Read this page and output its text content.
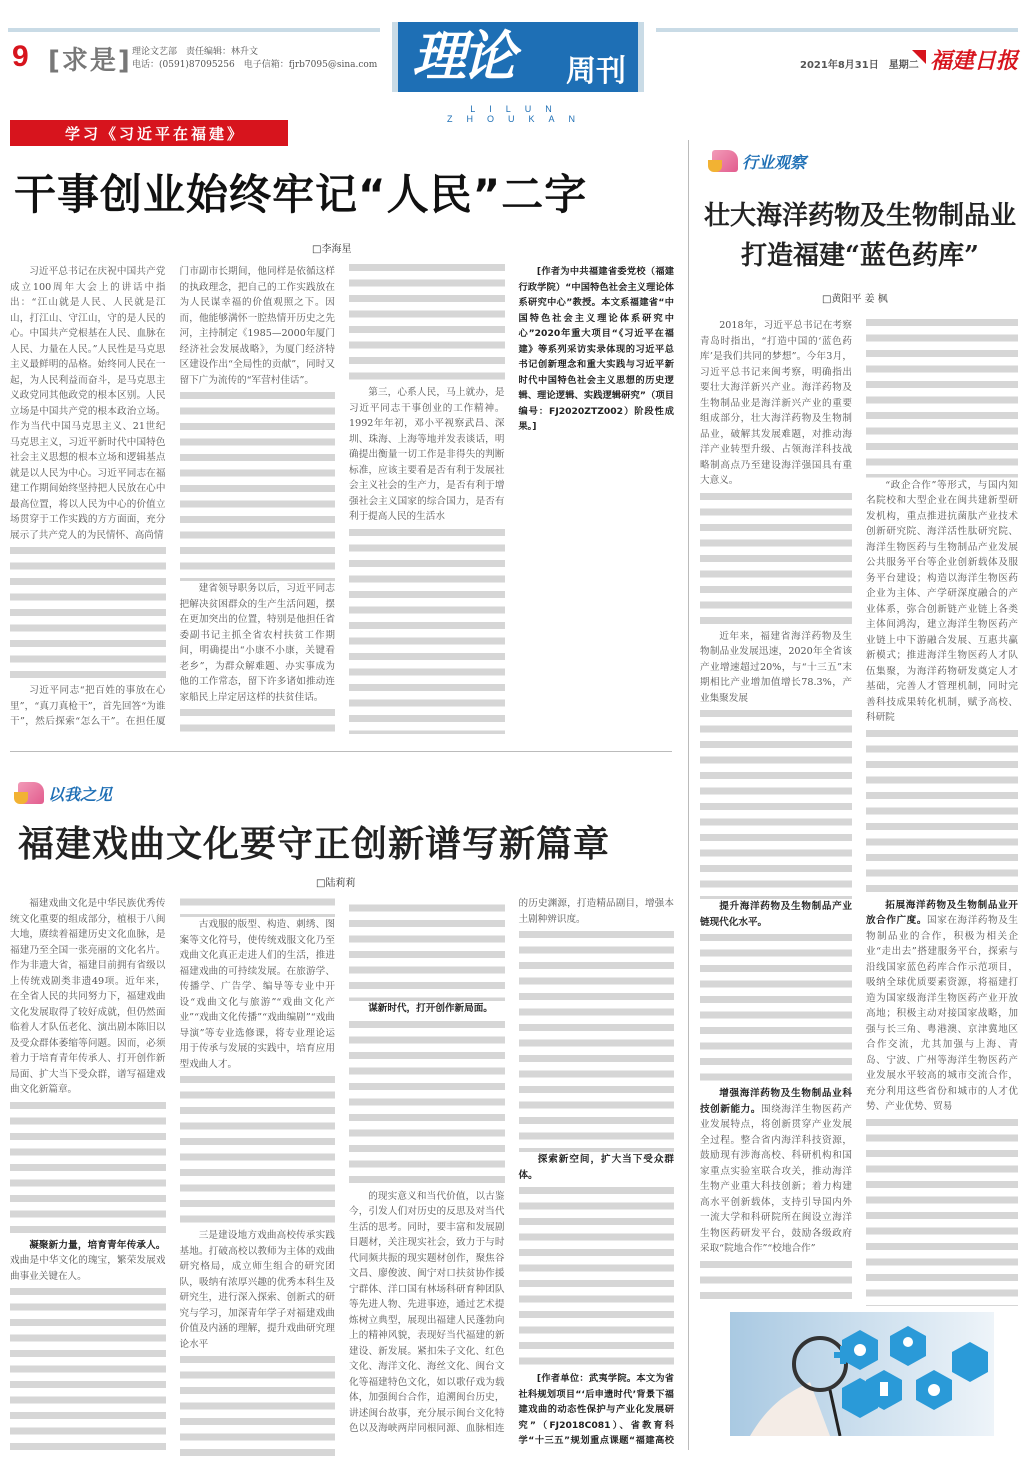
9 [求是] 理论文艺部　责任编辑：林升文
电话：(0591)87095256　电子信箱：fjrb7095@sina.com 理论 周刊
LILUN ZHOUKAN
2021年8月31日　星期二 福建日报
学习《习近平在福建》
干事创业始终牢记“人民”二字
□李海星

习近平总书记在庆祝中国共产党成立100周年大会上的讲话中指出：“江山就是人民、人民就是江山，打江山、守江山，守的是人民的心。中国共产党根基在人民、血脉在人民、力量在人民。”人民性是马克思主义最鲜明的品格。始终同人民在一起，为人民利益而奋斗，是马克思主义政党同其他政党的根本区别。人民立场是中国共产党的根本政治立场。作为当代中国马克思主义、21世纪马克思主义，习近平新时代中国特色社会主义思想的根本立场和逻辑基点就是以人民为中心。习近平同志在福建工作期间始终坚持把人民放在心中最高位置，将以人民为中心的价值立场贯穿于工作实践的方方面面，充分展示了共产党人的为民情怀、高尚情

习近平同志“把百姓的事放在心里”，“真刀真枪干”，首先回答“为谁干”，然后探索“怎么干”。在担任厦门市副市长期间，他同样是依循这样的执政理念，把自己的工作实践放在为人民谋幸福的价值观照之下。因而，他能够满怀一腔热情开历史之先河，主持制定《1985—2000年厦门经济社会发展战略》，为厦门经济特区建设作出“全局性的贡献”，同时又留下广为流传的“军营村佳话”。

建省领导职务以后，习近平同志把解决贫困群众的生产生活问题，摆在更加突出的位置，特别是他担任省委副书记主抓全省农村扶贫工作期间，明确提出“小康不小康，关键看老乡”，为群众解难题、办实事成为他的工作常态，留下许多诸如推动连家船民上岸定居这样的扶贫佳话。

第三，心系人民，马上就办，是习近平同志干事创业的工作精神。1992年年初，邓小平视察武昌、深圳、珠海、上海等地并发表谈话，明确提出衡量一切工作是非得失的判断标准，应该主要看是否有利于发展社会主义社会的生产力，是否有利于增强社会主义国家的综合国力，是否有利于提高人民的生活水

[作者为中共福建省委党校（福建行政学院）“中国特色社会主义理论体系研究中心”教授。本文系福建省“中国特色社会主义理论体系研究中心”2020年重大项目“《习近平在福建》等系列采访实录体现的习近平总书记创新理念和重大实践与习近平新时代中国特色社会主义思想的历史逻辑、理论逻辑、实践逻辑研究”（项目编号：FJ2020ZTZ002）阶段性成果。]

行业观察
壮大海洋药物及生物制品业
打造福建“蓝色药库”
□黄阳平 姜 枫

2018年，习近平总书记在考察青岛时指出，“打造中国的‘蓝色药库’是我们共同的梦想”。今年3月，习近平总书记来闽考察，明确指出要壮大海洋新兴产业。海洋药物及生物制品业是海洋新兴产业的重要组成部分，壮大海洋药物及生物制品业，破解其发展难题，对推动海洋产业转型升级、占领海洋科技战略制高点乃至建设海洋强国具有重大意义。

近年来，福建省海洋药物及生物制品业发展迅速，2020年全省该产业增速超过20%，与“十三五”末期相比产业增加值增长78.3%，产业集聚发展

提升海洋药物及生物制品产业链现代化水平。

增强海洋药物及生物制品业科技创新能力。围绕海洋生物医药产业发展特点，将创新贯穿产业发展全过程。整合省内海洋科技资源，鼓励现有涉海高校、科研机构和国家重点实验室联合攻关，推动海洋生物产业重大科技创新；着力构建高水平创新载体，支持引导国内外一流大学和科研院所在闽设立海洋生物医药研发平台，鼓励各级政府采取“院地合作”“校地合作”

“政企合作”等形式，与国内知名院校和大型企业在闽共建新型研发机构，重点推进抗菌肽产业技术创新研究院、海洋活性肽研究院、海洋生物医药与生物制品产业发展公共服务平台等企业创新载体及服务平台建设；构造以海洋生物医药企业为主体、产学研深度融合的产业体系，弥合创新链产业链上各类主体间鸿沟，建立海洋生物医药产业链上中下游融合发展、互惠共赢新模式；推进海洋生物医药人才队伍集聚，为海洋药物研发奠定人才基础，完善人才管理机制，同时完善科技成果转化机制，赋予高校、科研院

拓展海洋药物及生物制品业开放合作广度。国家在海洋药物及生物制品业的合作，积极为相关企业“走出去”搭建服务平台，探索与沿线国家蓝色药库合作示范项目，吸纳全球优质要素资源，将福建打造为国家级海洋生物医药产业开放高地；积极主动对接国家战略，加强与长三角、粤港澳、京津冀地区合作交流，尤其加强与上海、青岛、宁波、广州等海洋生物医药产业发展水平较高的城市交流合作，充分利用这些省份和城市的人才优势、产业优势、贸易

以我之见
福建戏曲文化要守正创新谱写新篇章
□陆莉莉

福建戏曲文化是中华民族优秀传统文化重要的组成部分，植根于八闽大地，赓续着福建历史文化血脉，是福建乃至全国一张亮丽的文化名片。作为非遗大省，福建目前拥有省级以上传统戏剧类非遗49项。近年来，在全省人民的共同努力下，福建戏曲文化发展取得了较好成就，但仍然面临着人才队伍老化、演出剧本陈旧以及受众群体萎缩等问题。因而，必须着力于培育青年传承人、打开创作新局面、扩大当下受众群，谱写福建戏曲文化新篇章。

凝聚新力量，培育青年传承人。戏曲是中华文化的瑰宝，繁荣发展戏曲事业关键在人。

古戏服的版型、构造、刺绣、图案等文化符号，使传统戏服文化乃至戏曲文化真正走进人们的生活，推进福建戏曲的可持续发展。在旅游学、传播学、广告学、编导等专业中开设“戏曲文化与旅游”“戏曲文化产业”“戏曲文化传播”“戏曲编剧”“戏曲导演”等专业选修课，将专业理论运用于传承与发展的实践中，培育应用型戏曲人才。

三是建设地方戏曲高校传承实践基地。打破高校以教师为主体的戏曲研究格局，成立师生组合的研究团队，吸纳有浓厚兴趣的优秀本科生及研究生，进行深入探索、创新式的研究与学习，加深青年学子对福建戏曲价值及内涵的理解，提升戏曲研究理论水平

谋新时代，打开创作新局面。

的现实意义和当代价值，以古鉴今，引发人们对历史的反思及对当代生活的思考。同时，要丰富和发展剧目题材，关注现实社会，致力于与时代同频共振的现实题材创作，聚焦谷文昌、廖俊波、闽宁对口扶贫协作援宁群体、洋口国有林场科研育种团队等先进人物、先进事迹，通过艺术提炼树立典型，展现出福建人民蓬勃向上的精神风貌，表现好当代福建的新建设、新发展。紧扣朱子文化、红色文化、海洋文化、海丝文化、闽台文化等福建特色文化，如以歌仔戏为载体，加强闽台合作，追溯闽台历史，讲述闽台故事，充分展示闽台文化特色以及海峡两岸同根同源、血脉相连的历史渊源，打造精品剧目，增强本土剧种辨识度。

探索新空间，扩大当下受众群体。

[作者单位：武夷学院。本文为省社科规划项目“‘后申遗时代’背景下福建戏曲的动态性保护与产业化发展研究”（FJ2018C081）、省教育科学“十三五”规划重点课题“福建高校
